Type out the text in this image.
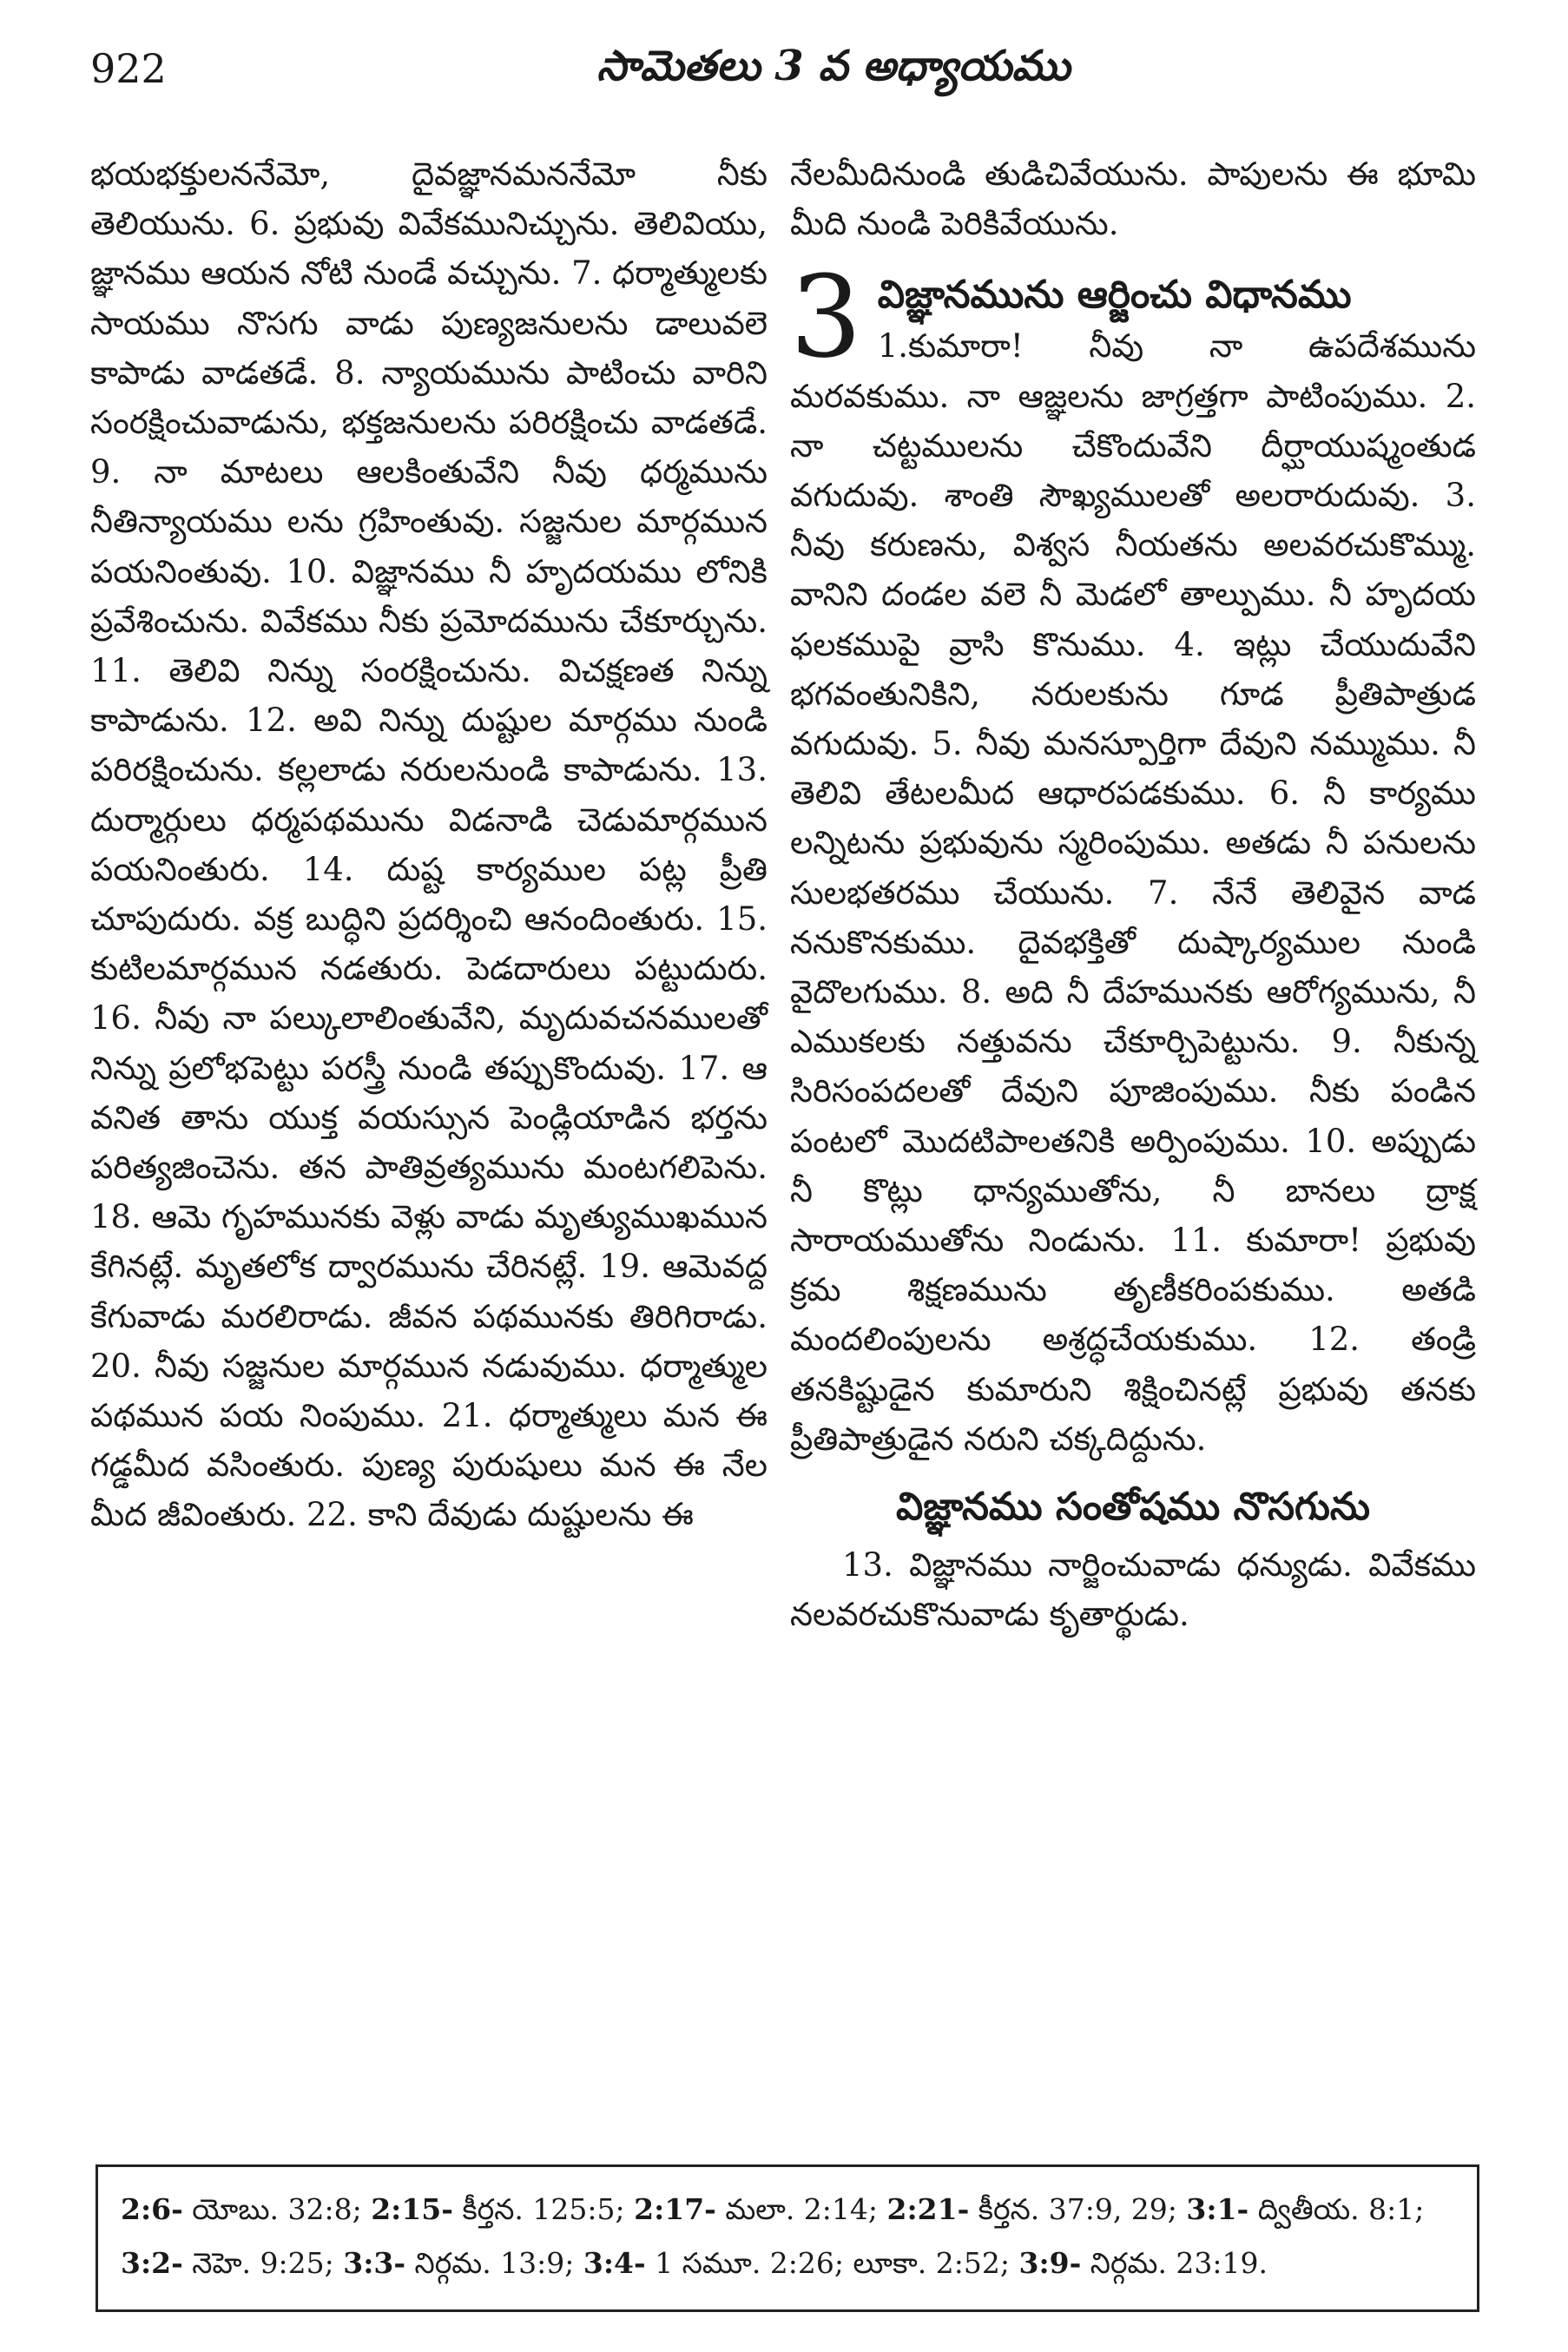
922	సామెతలు 3 వ అధ్యాయము

భయభక్తులననేమో, దైవజ్ఞానమననేమో నీకు తెలియును. 6. ప్రభువు వివేకమునిచ్చును. తెలివియు, జ్ఞానము ఆయన నోటి నుండే వచ్చును. 7. ధర్మాత్ములకు సాయము నొసగు వాడు పుణ్యజనులను డాలువలె కాపాడు వాడతడే. 8. న్యాయమును పాటించు వారిని సంరక్షించువాడును, భక్తజనులను పరిరక్షించు వాడతడే. 9. నా మాటలు ఆలకింతువేని నీవు ధర్మమును నీతిన్యాయము లను గ్రహింతువు. సజ్జనుల మార్గమున పయనింతువు. 10. విజ్ఞానము నీ హృదయము లోనికి ప్రవేశించును. వివేకము నీకు ప్రమోదమును చేకూర్చును. 11. తెలివి నిన్ను సంరక్షించును. విచక్షణత నిన్ను కాపాడును. 12. అవి నిన్ను దుష్టుల మార్గము నుండి పరిరక్షించును. కల్లలాడు నరులనుండి కాపాడును. 13. దుర్మార్గులు ధర్మపథమును విడనాడి చెడుమార్గమున పయనింతురు. 14. దుష్ట కార్యముల పట్ల ప్రీతి చూపుదురు. వక్ర బుద్ధిని ప్రదర్శించి ఆనందింతురు. 15. కుటిలమార్గమున నడతురు. పెడదారులు పట్టుదురు. 16. నీవు నా పల్కులాలింతువేని, మృదువచనములతో నిన్ను ప్రలోభపెట్టు పరస్త్రీ నుండి తప్పుకొందువు. 17. ఆ వనిత తాను యుక్త వయస్సున పెండ్లియాడిన భర్తను పరిత్యజించెను. తన పాతివ్రత్యమును మంటగలిపెను. 18. ఆమె గృహమునకు వెళ్లు వాడు మృత్యుముఖమున కేగినట్లే. మృతలోక ద్వారమును చేరినట్లే. 19. ఆమెవద్ద కేగువాడు మరలిరాడు. జీవన పథమునకు తిరిగిరాడు. 20. నీవు సజ్జనుల మార్గమున నడువుము. ధర్మాత్ముల పథమున పయ నింపుము. 21. ధర్మాత్ములు మన ఈ గడ్డమీద వసింతురు. పుణ్య పురుషులు మన ఈ నేల మీద జీవింతురు. 22. కాని దేవుడు దుష్టులను ఈ

నేలమీదినుండి తుడిచివేయును. పాపులను ఈ భూమి మీది నుండి పెరికివేయును.

3 విజ్ఞానమును ఆర్జించు విధానము

1.కుమారా! నీవు నా ఉపదేశమును మరవకుము. నా ఆజ్ఞలను జాగ్రత్తగా పాటింపుము. 2. నా చట్టములను చేకొందువేని దీర్ఘాయుష్మంతుడ వగుదువు. శాంతి సౌఖ్యములతో అలరారుదువు. 3. నీవు కరుణను, విశ్వస నీయతను అలవరచుకొమ్ము. వానిని దండల వలె నీ మెడలో తాల్పుము. నీ హృదయ ఫలకముపై వ్రాసి కొనుము. 4. ఇట్లు చేయుదువేని భగవంతునికిని, నరులకును గూడ ప్రీతిపాత్రుడ వగుదువు. 5. నీవు మనస్పూర్తిగా దేవుని నమ్ముము. నీ తెలివి తేటలమీద ఆధారపడకుము. 6. నీ కార్యము లన్నిటను ప్రభువును స్మరింపుము. అతడు నీ పనులను సులభతరము చేయును. 7. నేనే తెలివైన వాడ ననుకొనకుము. దైవభక్తితో దుష్కార్యముల నుండి వైదొలగుము. 8. అది నీ దేహమునకు ఆరోగ్యమును, నీ ఎముకలకు నత్తువను చేకూర్చిపెట్టును. 9. నీకున్న సిరిసంపదలతో దేవుని పూజింపుము. నీకు పండిన పంటలో మొదటిపాలతనికి అర్పింపుము. 10. అప్పుడు నీ కొట్లు ధాన్యముతోను, నీ బానలు ద్రాక్ష సారాయముతోను నిండును. 11. కుమారా! ప్రభువు క్రమ శిక్షణమును తృణీకరింపకుము. అతడి మందలింపులను అశ్రద్ధచేయకుము. 12. తండ్రి తనకిష్టుడైన కుమారుని శిక్షించినట్లే ప్రభువు తనకు ప్రీతిపాత్రుడైన నరుని చక్కదిద్దును.

విజ్ఞానము సంతోషము నొసగును

13. విజ్ఞానము నార్జించువాడు ధన్యుడు. వివేకము నలవరచుకొనువాడు కృతార్థుడు.

2:6- యోబు. 32:8; 2:15- కీర్తన. 125:5; 2:17- మలా. 2:14; 2:21- కీర్తన. 37:9, 29; 3:1- ద్వితీయ. 8:1; 3:2- నెహె. 9:25; 3:3- నిర్గమ. 13:9; 3:4- 1 సమూ. 2:26; లూకా. 2:52; 3:9- నిర్గమ. 23:19.
